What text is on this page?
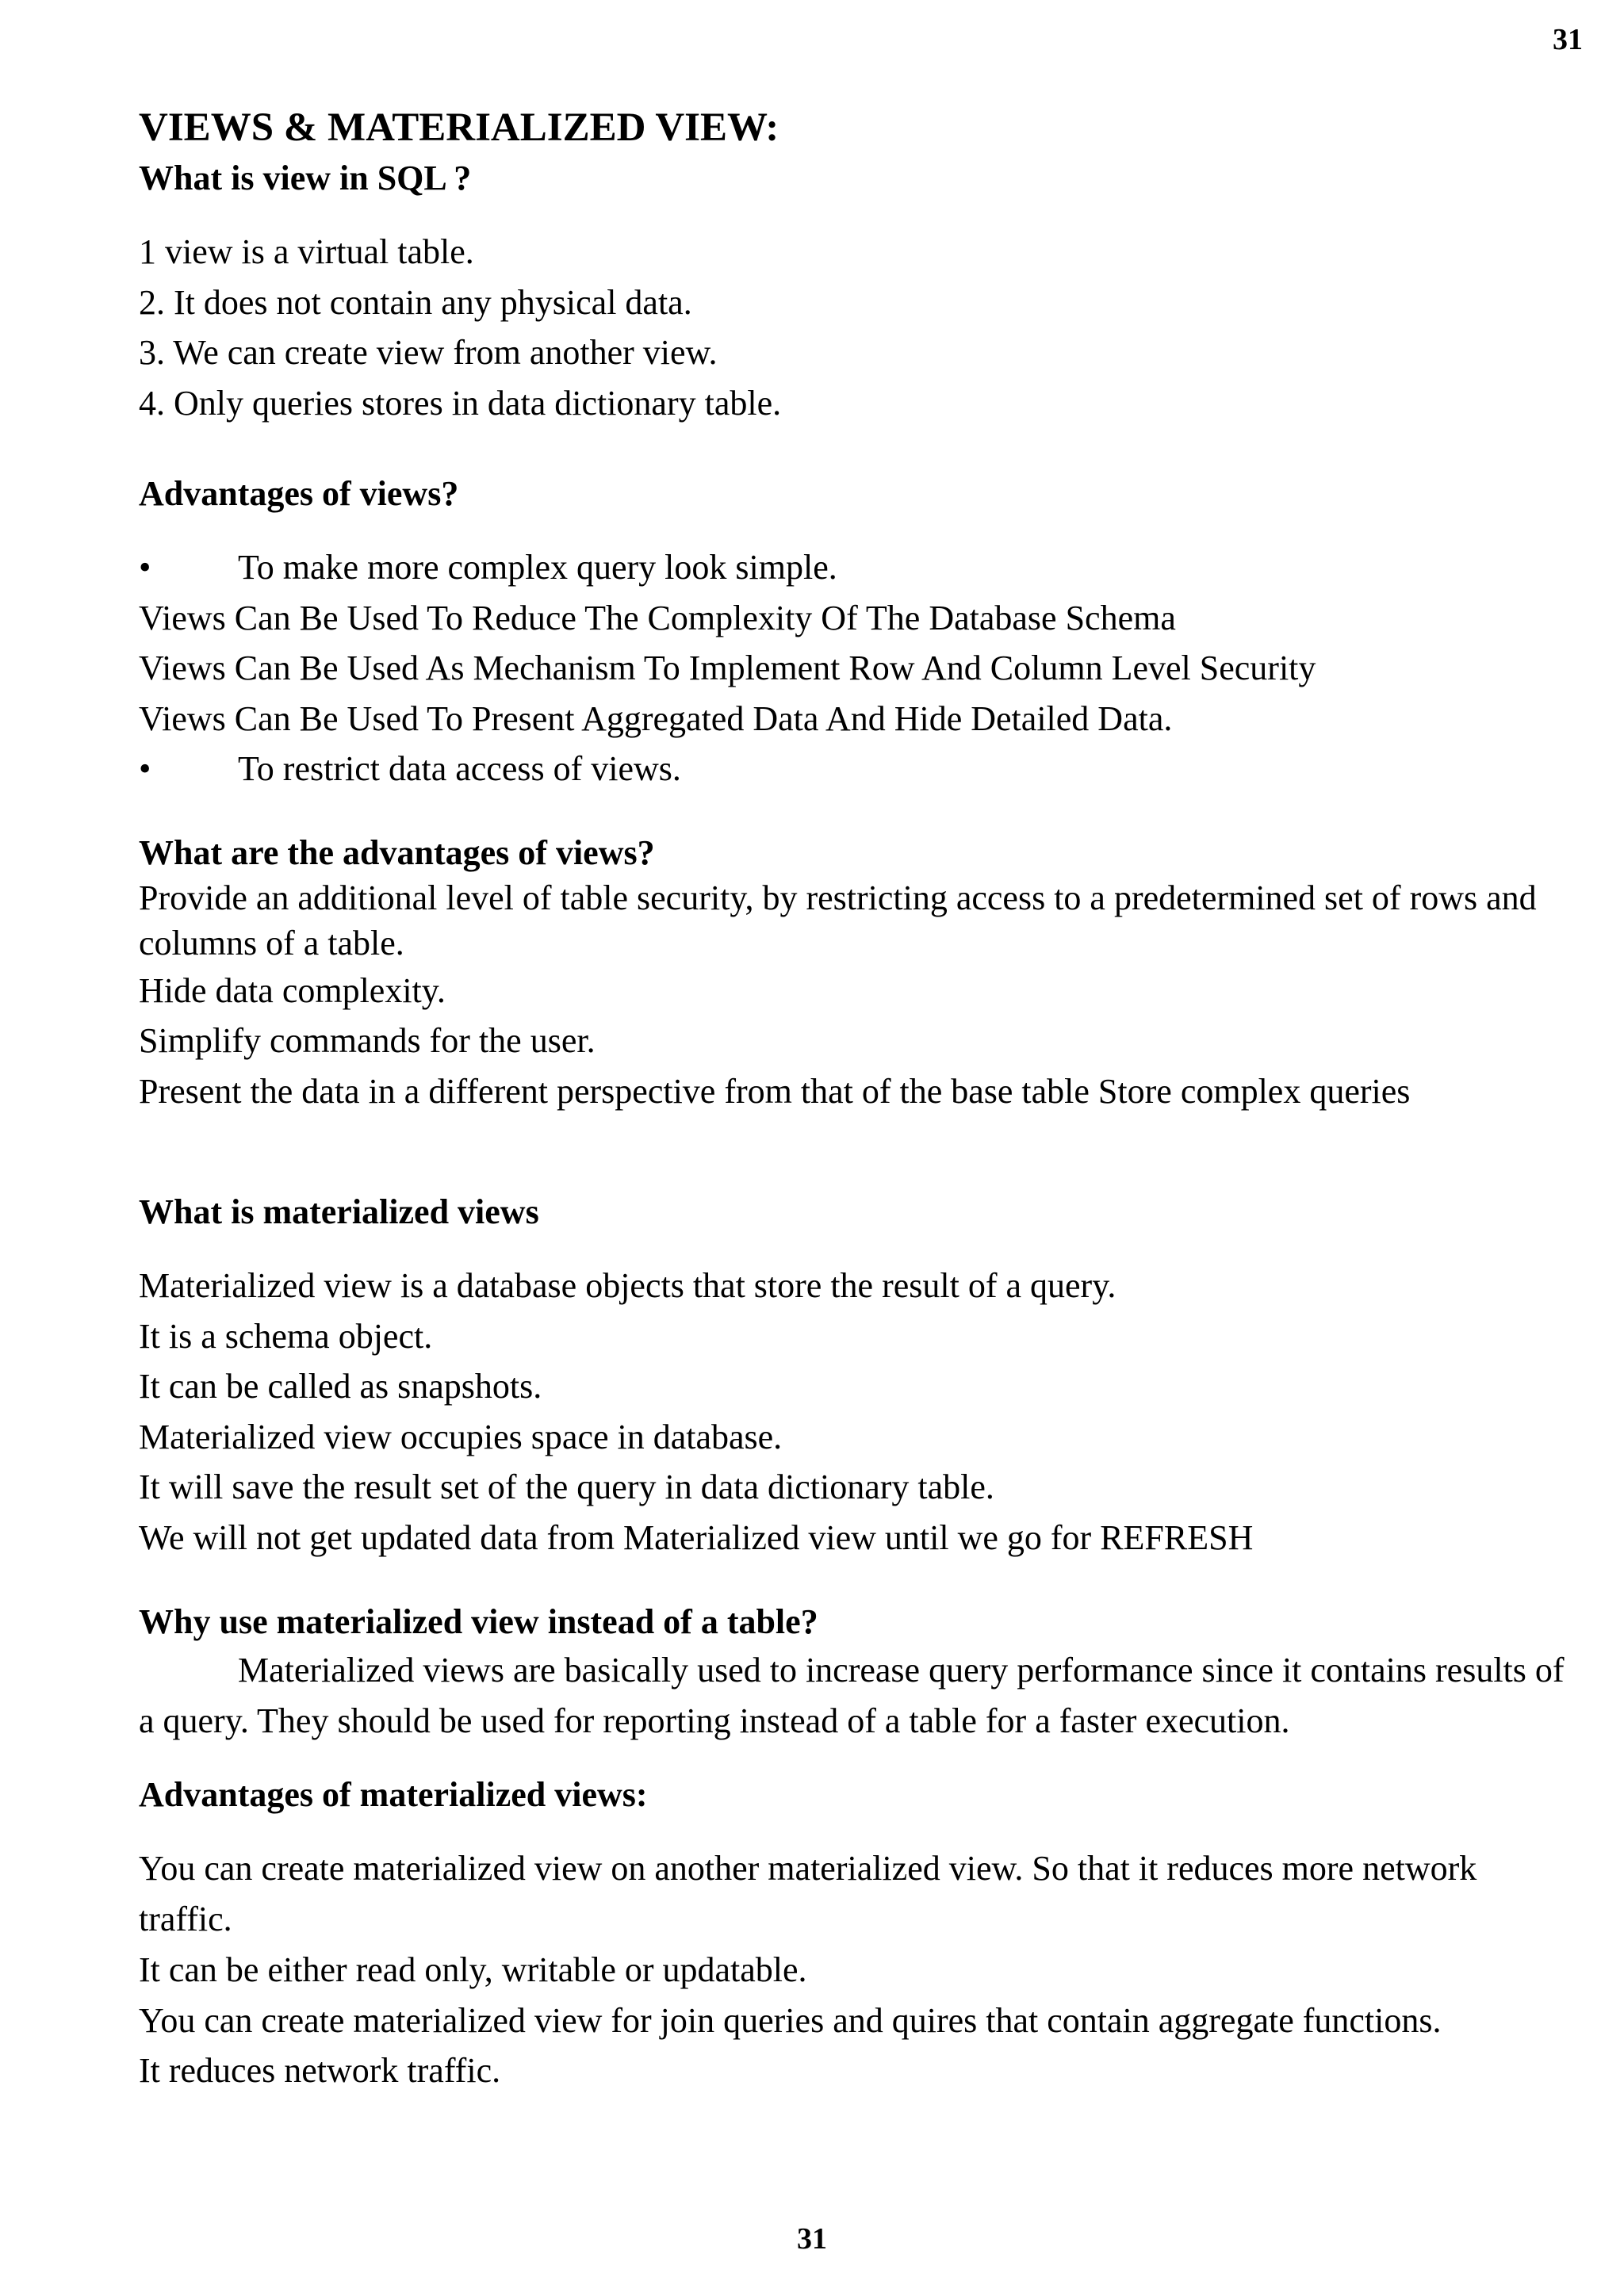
31
VIEWS & MATERIALIZED VIEW:
What is view in SQL ?

1 view is a virtual table.

2. It does not contain any physical data.

3. We can create view from another view.

4. Only queries stores in data dictionary table.

Advantages of views?
•	To make more complex query look simple.

Views Can Be Used To Reduce The Complexity Of The Database Schema

Views Can Be Used As Mechanism To Implement Row And Column Level Security

Views Can Be Used To Present Aggregated Data And Hide Detailed Data.

•	To restrict data access of views.
What are the advantages of views?

Provide an additional level of table security, by restricting access to a predetermined set of rows and columns of a table.

Hide data complexity.

Simplify commands for the user.

Present the data in a different perspective from that of the base table Store complex queries

What is materialized views

Materialized view is a database objects that store the result of a query.

It is a schema object.

It can be called as snapshots.

Materialized view occupies space in database.

It will save the result set of the query in data dictionary table.

We will not get updated data from Materialized view until we go for REFRESH

Why use materialized view instead of a table?

Materialized views are basically used to increase query performance since it contains results of a query. They should be used for reporting instead of a table for a faster execution.

Advantages of materialized views:

You can create materialized view on another materialized view. So that it reduces more network traffic.

It can be either read only, writable or updatable.

You can create materialized view for join queries and quires that contain aggregate functions.

It reduces network traffic.

31
